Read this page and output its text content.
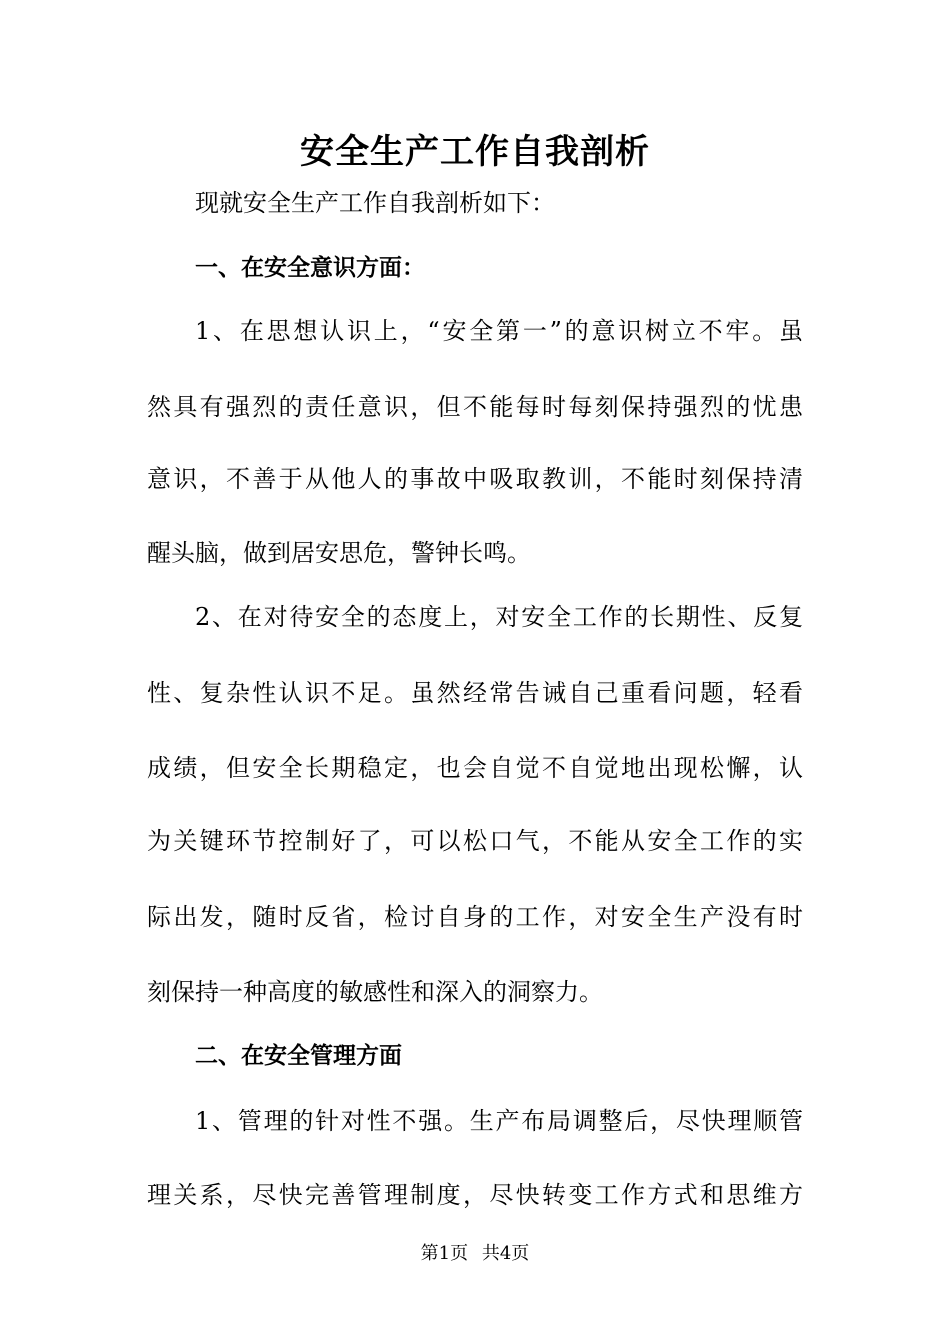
安全生产工作自我剖析
现就安全生产工作自我剖析如下：
一、在安全意识方面：
1、在思想认识上，“安全第一”的意识树立不牢。虽
然具有强烈的责任意识，但不能每时每刻保持强烈的忧患
意识，不善于从他人的事故中吸取教训，不能时刻保持清
醒头脑，做到居安思危，警钟长鸣。
2、在对待安全的态度上，对安全工作的长期性、反复
性、复杂性认识不足。虽然经常告诫自己重看问题，轻看
成绩，但安全长期稳定，也会自觉不自觉地出现松懈，认
为关键环节控制好了，可以松口气，不能从安全工作的实
际出发，随时反省，检讨自身的工作，对安全生产没有时
刻保持一种高度的敏感性和深入的洞察力。
二、在安全管理方面
1、管理的针对性不强。生产布局调整后，尽快理顺管
理关系，尽快完善管理制度，尽快转变工作方式和思维方
第1页 共4页
